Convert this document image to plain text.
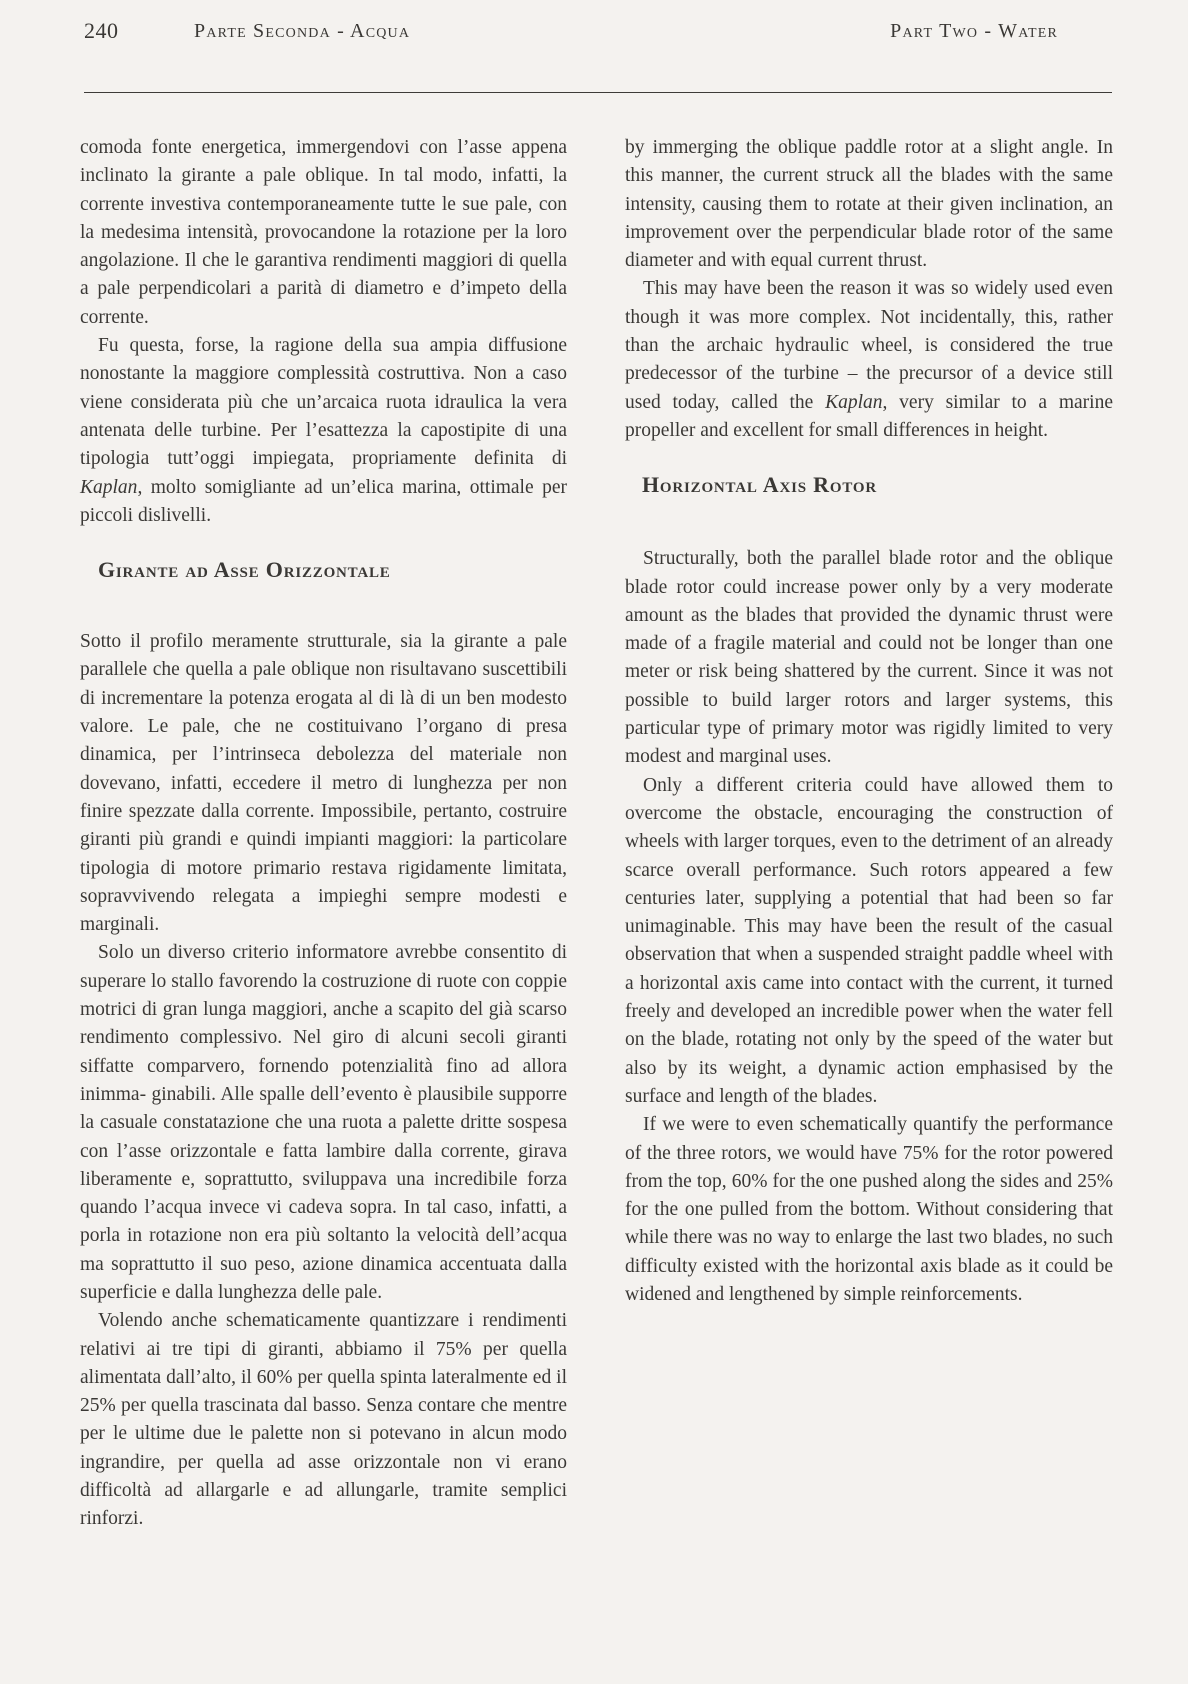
240	Parte Seconda - Acqua	Part Two - Water

comoda fonte energetica, immergendovi con l’asse appena inclinato la girante a pale oblique. In tal modo, infatti, la corrente investiva contemporaneamente tutte le sue pale, con la medesima intensità, provocandone la rotazione per la loro angolazione. Il che le garantiva rendimenti maggiori di quella a pale perpendicolari a parità di diametro e d’impeto della corrente.

Fu questa, forse, la ragione della sua ampia diffusione nonostante la maggiore complessità costruttiva. Non a caso viene considerata più che un’arcaica ruota idraulica la vera antenata delle turbine. Per l’esattezza la capostipite di una tipologia tutt’oggi impiegata, propriamente definita di Kaplan, molto somigliante ad un’elica marina, ottimale per piccoli dislivelli.

Girante ad Asse Orizzontale

Sotto il profilo meramente strutturale, sia la girante a pale parallele che quella a pale oblique non risultavano suscettibili di incrementare la potenza erogata al di là di un ben modesto valore. Le pale, che ne costituivano l’organo di presa dinamica, per l’intrinseca debolezza del materiale non dovevano, infatti, eccedere il metro di lunghezza per non finire spezzate dalla corrente. Impossibile, pertanto, costruire giranti più grandi e quindi impianti maggiori: la particolare tipologia di motore primario restava rigidamente limitata, sopravvivendo relegata a impieghi sempre modesti e marginali.

Solo un diverso criterio informatore avrebbe consentito di superare lo stallo favorendo la costruzione di ruote con coppie motrici di gran lunga maggiori, anche a scapito del già scarso rendimento complessivo. Nel giro di alcuni secoli giranti siffatte comparvero, fornendo potenzialità fino ad allora inimma- ginabili. Alle spalle dell’evento è plausibile supporre la casuale constatazione che una ruota a palette dritte sospesa con l’asse orizzontale e fatta lambire dalla corrente, girava liberamente e, soprattutto, sviluppava una incredibile forza quando l’acqua invece vi cadeva sopra. In tal caso, infatti, a porla in rotazione non era più soltanto la velocità dell’acqua ma soprattutto il suo peso, azione dinamica accentuata dalla superficie e dalla lunghezza delle pale.

Volendo anche schematicamente quantizzare i rendimenti relativi ai tre tipi di giranti, abbiamo il 75% per quella alimentata dall’alto, il 60% per quella spinta lateralmente ed il 25% per quella trascinata dal basso. Senza contare che mentre per le ultime due le palette non si potevano in alcun modo ingrandire, per quella ad asse orizzontale non vi erano difficoltà ad allargarle e ad allungarle, tramite semplici rinforzi.

by immerging the oblique paddle rotor at a slight angle. In this manner, the current struck all the blades with the same intensity, causing them to rotate at their given inclination, an improvement over the perpendicular blade rotor of the same diameter and with equal current thrust.

This may have been the reason it was so widely used even though it was more complex. Not incidentally, this, rather than the archaic hydraulic wheel, is considered the true predecessor of the turbine – the precursor of a device still used today, called the Kaplan, very similar to a marine propeller and excellent for small differences in height.

Horizontal Axis Rotor

Structurally, both the parallel blade rotor and the oblique blade rotor could increase power only by a very moderate amount as the blades that provided the dynamic thrust were made of a fragile material and could not be longer than one meter or risk being shattered by the current. Since it was not possible to build larger rotors and larger systems, this particular type of primary motor was rigidly limited to very modest and marginal uses.

Only a different criteria could have allowed them to overcome the obstacle, encouraging the construction of wheels with larger torques, even to the detriment of an already scarce overall performance. Such rotors appeared a few centuries later, supplying a potential that had been so far unimaginable. This may have been the result of the casual observation that when a suspended straight paddle wheel with a horizontal axis came into contact with the current, it turned freely and developed an incredible power when the water fell on the blade, rotating not only by the speed of the water but also by its weight, a dynamic action emphasised by the surface and length of the blades.

If we were to even schematically quantify the performance of the three rotors, we would have 75% for the rotor powered from the top, 60% for the one pushed along the sides and 25% for the one pulled from the bottom. Without considering that while there was no way to enlarge the last two blades, no such difficulty existed with the horizontal axis blade as it could be widened and lengthened by simple reinforcements.
